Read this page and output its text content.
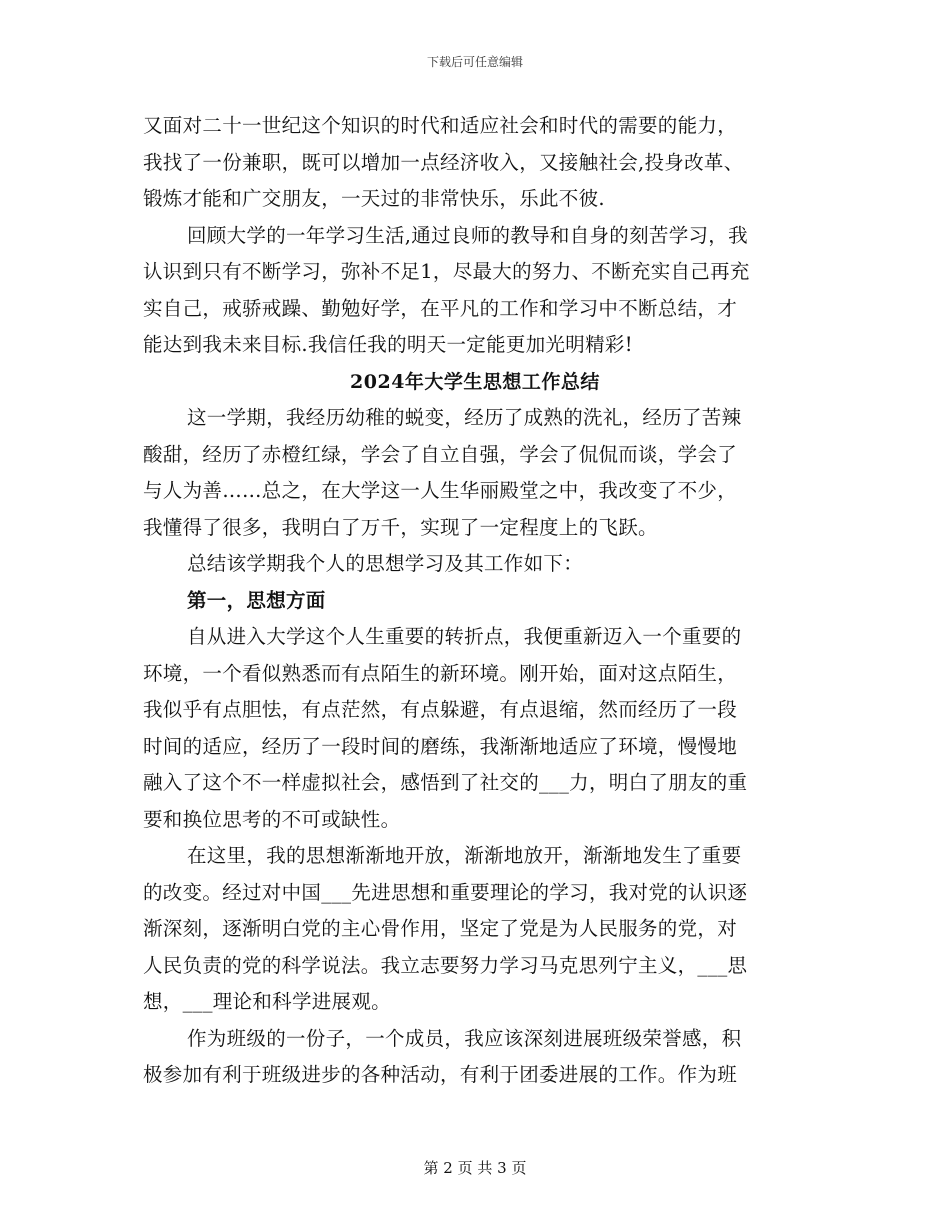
下载后可任意编辑
又面对二十一世纪这个知识的时代和适应社会和时代的需要的能力，
我找了一份兼职，既可以增加一点经济收入，又接触社会,投身改革、
锻炼才能和广交朋友，一天过的非常快乐，乐此不彼.
回顾大学的一年学习生活,通过良师的教导和自身的刻苦学习，我
认识到只有不断学习，弥补不足1，尽最大的努力、不断充实自己再充
实自己，戒骄戒躁、勤勉好学，在平凡的工作和学习中不断总结，才
能达到我未来目标.我信任我的明天一定能更加光明精彩!
2024年大学生思想工作总结
这一学期，我经历幼稚的蜕变，经历了成熟的洗礼，经历了苦辣
酸甜，经历了赤橙红绿，学会了自立自强，学会了侃侃而谈，学会了
与人为善……总之，在大学这一人生华丽殿堂之中，我改变了不少，
我懂得了很多，我明白了万千，实现了一定程度上的飞跃。
总结该学期我个人的思想学习及其工作如下：
第一，思想方面
自从进入大学这个人生重要的转折点，我便重新迈入一个重要的
环境，一个看似熟悉而有点陌生的新环境。刚开始，面对这点陌生，
我似乎有点胆怯，有点茫然，有点躲避，有点退缩，然而经历了一段
时间的适应，经历了一段时间的磨练，我渐渐地适应了环境，慢慢地
融入了这个不一样虚拟社会，感悟到了社交的___力，明白了朋友的重
要和换位思考的不可或缺性。
在这里，我的思想渐渐地开放，渐渐地放开，渐渐地发生了重要
的改变。经过对中国___先进思想和重要理论的学习，我对党的认识逐
渐深刻，逐渐明白党的主心骨作用，坚定了党是为人民服务的党，对
人民负责的党的科学说法。我立志要努力学习马克思列宁主义，___思
想，___理论和科学进展观。
作为班级的一份子，一个成员，我应该深刻进展班级荣誉感，积
极参加有利于班级进步的各种活动，有利于团委进展的工作。作为班
第 2 页 共 3 页
